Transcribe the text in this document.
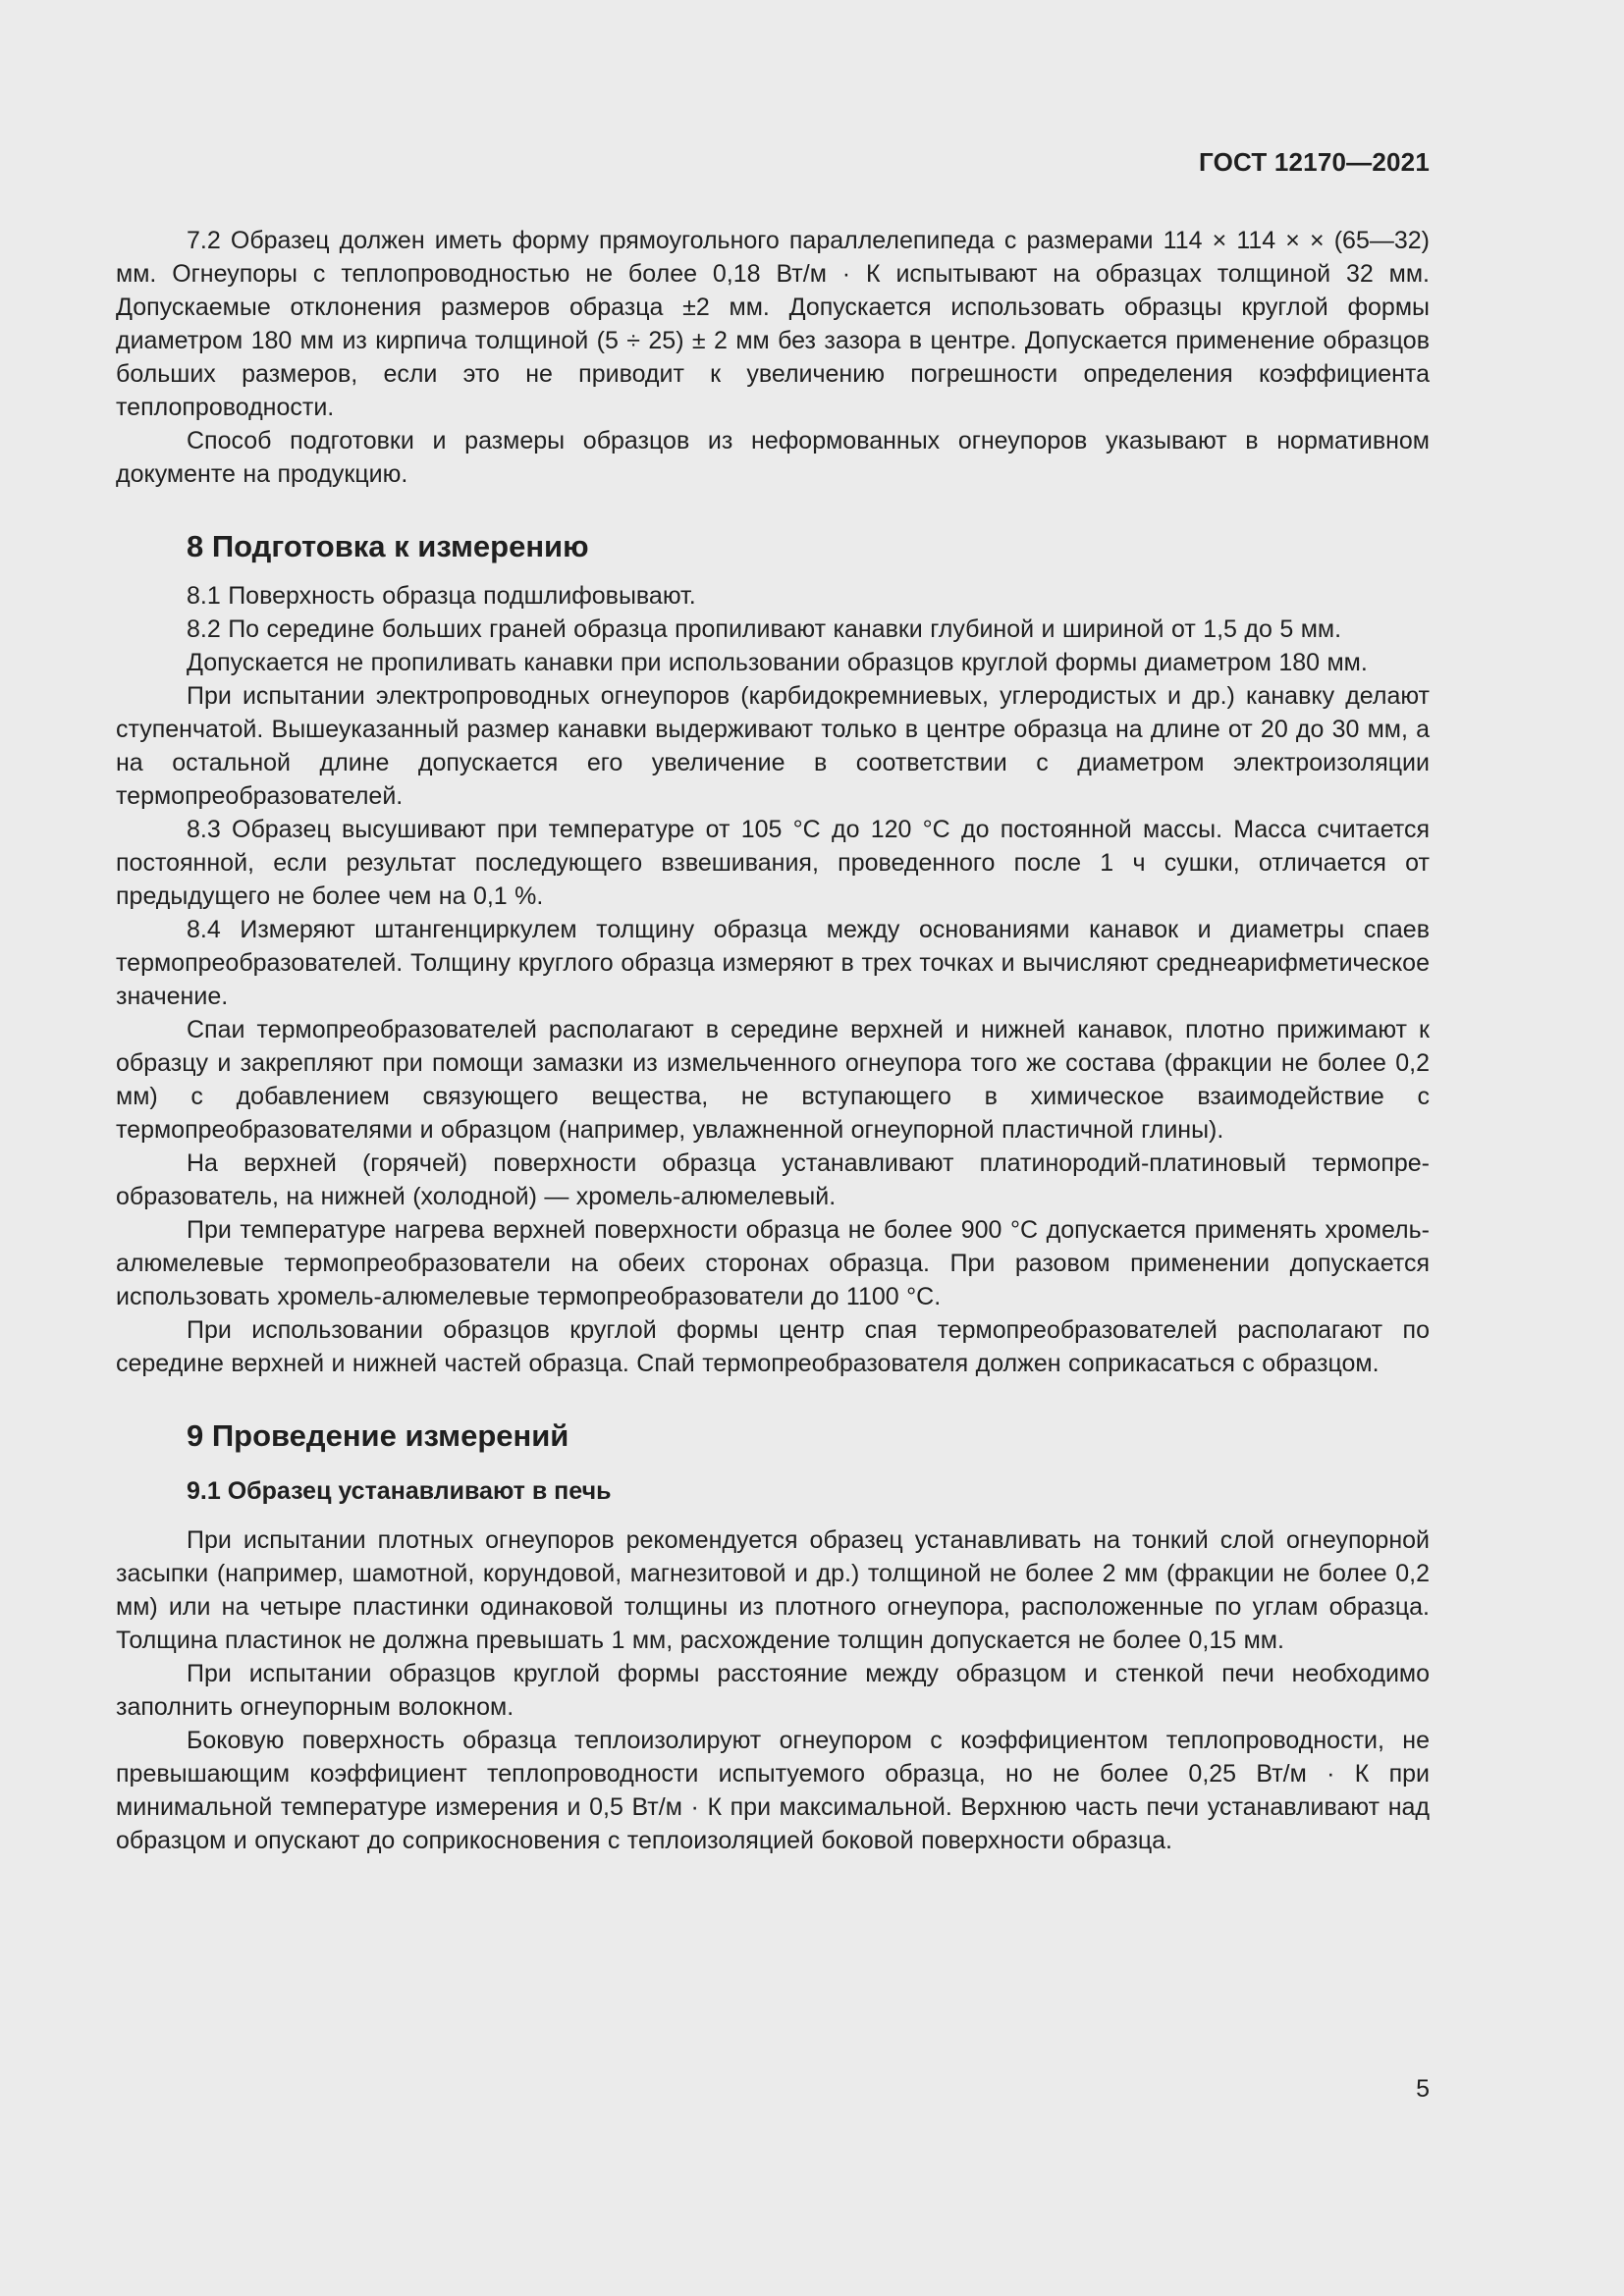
ГОСТ 12170—2021

7.2 Образец должен иметь форму прямоугольного параллелепипеда с размерами 114 × 114 × × (65—32) мм. Огнеупоры с теплопроводностью не более 0,18 Вт/м · К испытывают на образцах толщиной 32 мм. Допускаемые отклонения размеров образца ±2 мм. Допускается использовать образцы круглой формы диаметром 180 мм из кирпича толщиной (5 ÷ 25) ± 2 мм без зазора в центре. Допускается применение образцов больших размеров, если это не приводит к увеличению погрешности определения коэффициента теплопроводности.

Способ подготовки и размеры образцов из неформованных огнеупоров указывают в нормативном документе на продукцию.

8 Подготовка к измерению

8.1 Поверхность образца подшлифовывают.

8.2 По середине больших граней образца пропиливают канавки глубиной и шириной от 1,5 до 5 мм.

Допускается не пропиливать канавки при использовании образцов круглой формы диаметром 180 мм.

При испытании электропроводных огнеупоров (карбидокремниевых, углеродистых и др.) канавку делают ступенчатой. Вышеуказанный размер канавки выдерживают только в центре образца на длине от 20 до 30 мм, а на остальной длине допускается его увеличение в соответствии с диаметром электроизоляции термопреобразователей.

8.3 Образец высушивают при температуре от 105 °С до 120 °С до постоянной массы. Масса считается постоянной, если результат последующего взвешивания, проведенного после 1 ч сушки, отличается от предыдущего не более чем на 0,1 %.

8.4 Измеряют штангенциркулем толщину образца между основаниями канавок и диаметры спаев термопреобразователей. Толщину круглого образца измеряют в трех точках и вычисляют среднеарифметическое значение.

Спаи термопреобразователей располагают в середине верхней и нижней канавок, плотно прижимают к образцу и закрепляют при помощи замазки из измельченного огнеупора того же состава (фракции не более 0,2 мм) с добавлением связующего вещества, не вступающего в химическое взаимодействие с термопреобразователями и образцом (например, увлажненной огнеупорной пластичной глины).

На верхней (горячей) поверхности образца устанавливают платинородий-платиновый термопреобразователь, на нижней (холодной) — хромель-алюмелевый.

При температуре нагрева верхней поверхности образца не более 900 °С допускается применять хромель-алюмелевые термопреобразователи на обеих сторонах образца. При разовом применении допускается использовать хромель-алюмелевые термопреобразователи до 1100 °С.

При использовании образцов круглой формы центр спая термопреобразователей располагают по середине верхней и нижней частей образца. Спай термопреобразователя должен соприкасаться с образцом.

9 Проведение измерений
9.1 Образец устанавливают в печь

При испытании плотных огнеупоров рекомендуется образец устанавливать на тонкий слой огнеупорной засыпки (например, шамотной, корундовой, магнезитовой и др.) толщиной не более 2 мм (фракции не более 0,2 мм) или на четыре пластинки одинаковой толщины из плотного огнеупора, расположенные по углам образца. Толщина пластинок не должна превышать 1 мм, расхождение толщин допускается не более 0,15 мм.

При испытании образцов круглой формы расстояние между образцом и стенкой печи необходимо заполнить огнеупорным волокном.

Боковую поверхность образца теплоизолируют огнеупором с коэффициентом теплопроводности, не превышающим коэффициент теплопроводности испытуемого образца, но не более 0,25 Вт/м · К при минимальной температуре измерения и 0,5 Вт/м · К при максимальной. Верхнюю часть печи устанавливают над образцом и опускают до соприкосновения с теплоизоляцией боковой поверхности образца.

5
